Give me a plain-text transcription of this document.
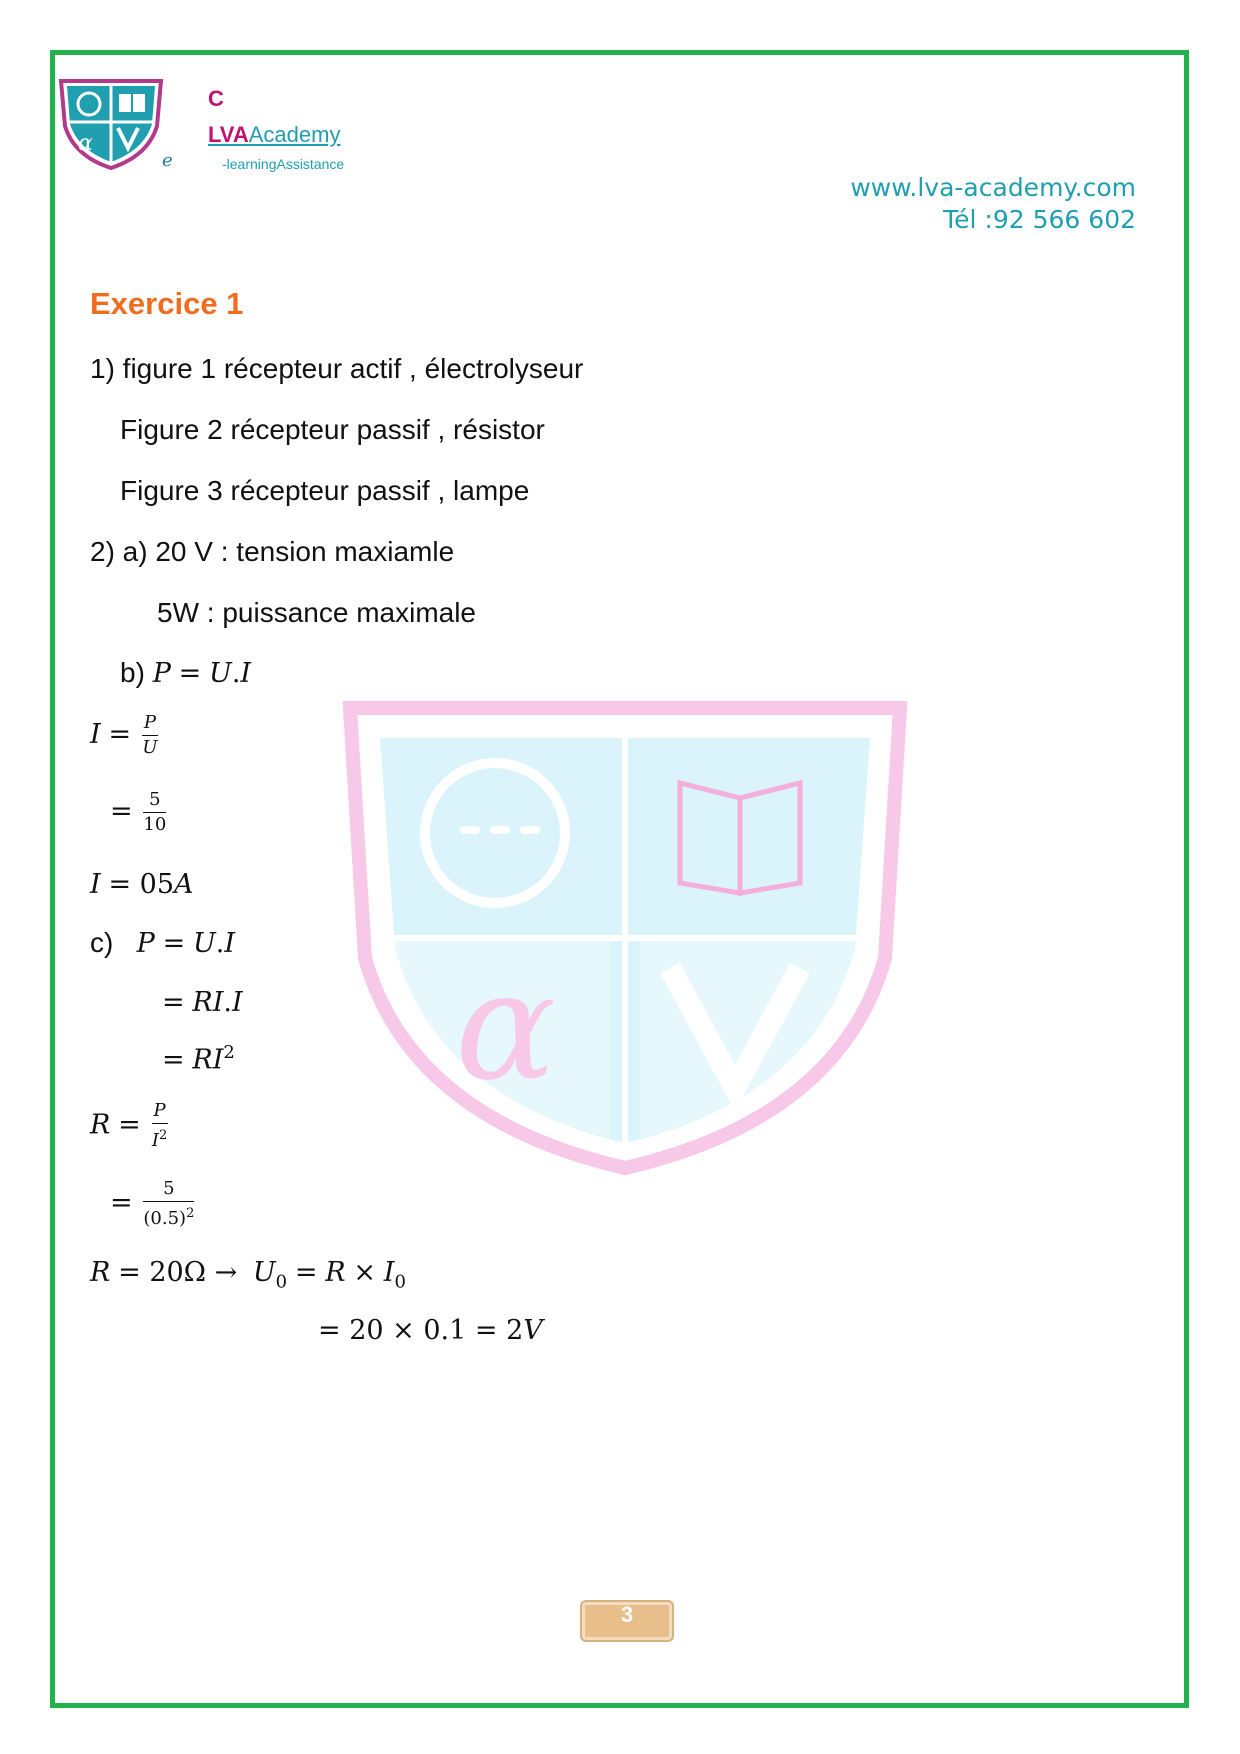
α
α
C
LVAAcademy
-learningAssistance
e
www.lva-academy.com
Tél :92 566 602
Exercice 1
1) figure 1 récepteur actif , électrolyseur
Figure 2 récepteur passif , résistor
Figure 3 récepteur passif , lampe
2) a) 20 V : tension maxiamle
5W : puissance maximale
b) P = U.I
$I = \frac{P}{U}$
= $\frac{5}{10}$
I = 05A
c) P = U.I
= RI.I
= $RI^2$
$R = \frac{P}{I^2}$
= $\frac{5}{(0.5)^2}$
$R = 20\Omega \to U_0 = R \times I_0$
= 20 × 0.1 = 2V
3
